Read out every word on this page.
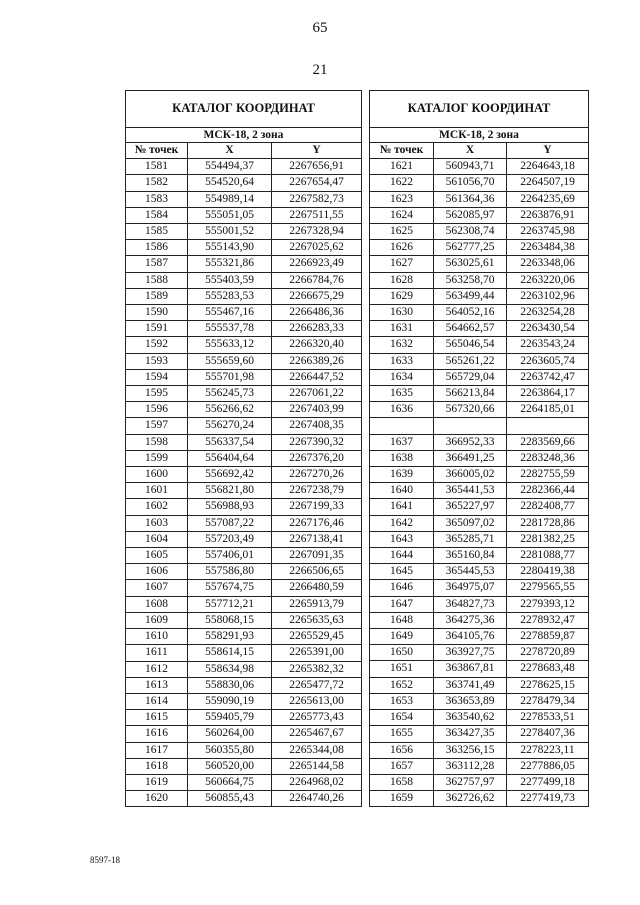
65
21
КАТАЛОГ КООРДИНАТ		
МСК-18, 2 зона		
№ точек	X	Y
1581	554494,37	2267656,91
1582	554520,64	2267654,47
1583	554989,14	2267582,73
1584	555051,05	2267511,55
1585	555001,52	2267328,94
1586	555143,90	2267025,62
1587	555321,86	2266923,49
1588	555403,59	2266784,76
1589	555283,53	2266675,29
1590	555467,16	2266486,36
1591	555537,78	2266283,33
1592	555633,12	2266320,40
1593	555659,60	2266389,26
1594	555701,98	2266447,52
1595	556245,73	2267061,22
1596	556266,62	2267403,99
1597	556270,24	2267408,35
1598	556337,54	2267390,32
1599	556404,64	2267376,20
1600	556692,42	2267270,26
1601	556821,80	2267238,79
1602	556988,93	2267199,33
1603	557087,22	2267176,46
1604	557203,49	2267138,41
1605	557406,01	2267091,35
1606	557586,80	2266506,65
1607	557674,75	2266480,59
1608	557712,21	2265913,79
1609	558068,15	2265635,63
1610	558291,93	2265529,45
1611	558614,15	2265391,00
1612	558634,98	2265382,32
1613	558830,06	2265477,72
1614	559090,19	2265613,00
1615	559405,79	2265773,43
1616	560264,00	2265467,67
1617	560355,80	2265344,08
1618	560520,00	2265144,58
1619	560664,75	2264968,02
1620	560855,43	2264740,26
КАТАЛОГ КООРДИНАТ		
МСК-18, 2 зона		
№ точек	X	Y
1621	560943,71	2264643,18
1622	561056,70	2264507,19
1623	561364,36	2264235,69
1624	562085,97	2263876,91
1625	562308,74	2263745,98
1626	562777,25	2263484,38
1627	563025,61	2263348,06
1628	563258,70	2263220,06
1629	563499,44	2263102,96
1630	564052,16	2263254,28
1631	564662,57	2263430,54
1632	565046,54	2263543,24
1633	565261,22	2263605,74
1634	565729,04	2263742,47
1635	566213,84	2263864,17
1636	567320,66	2264185,01

1637	366952,33	2283569,66
1638	366491,25	2283248,36
1639	366005,02	2282755,59
1640	365441,53	2282366,44
1641	365227,97	2282408,77
1642	365097,02	2281728,86
1643	365285,71	2281382,25
1644	365160,84	2281088,77
1645	365445,53	2280419,38
1646	364975,07	2279565,55
1647	364827,73	2279393,12
1648	364275,36	2278932,47
1649	364105,76	2278859,87
1650	363927,75	2278720,89
1651	363867,81	2278683,48
1652	363741,49	2278625,15
1653	363653,89	2278479,34
1654	363540,62	2278533,51
1655	363427,35	2278407,36
1656	363256,15	2278223,11
1657	363112,28	2277886,05
1658	362757,97	2277499,18
1659	362726,62	2277419,73
8597-18
